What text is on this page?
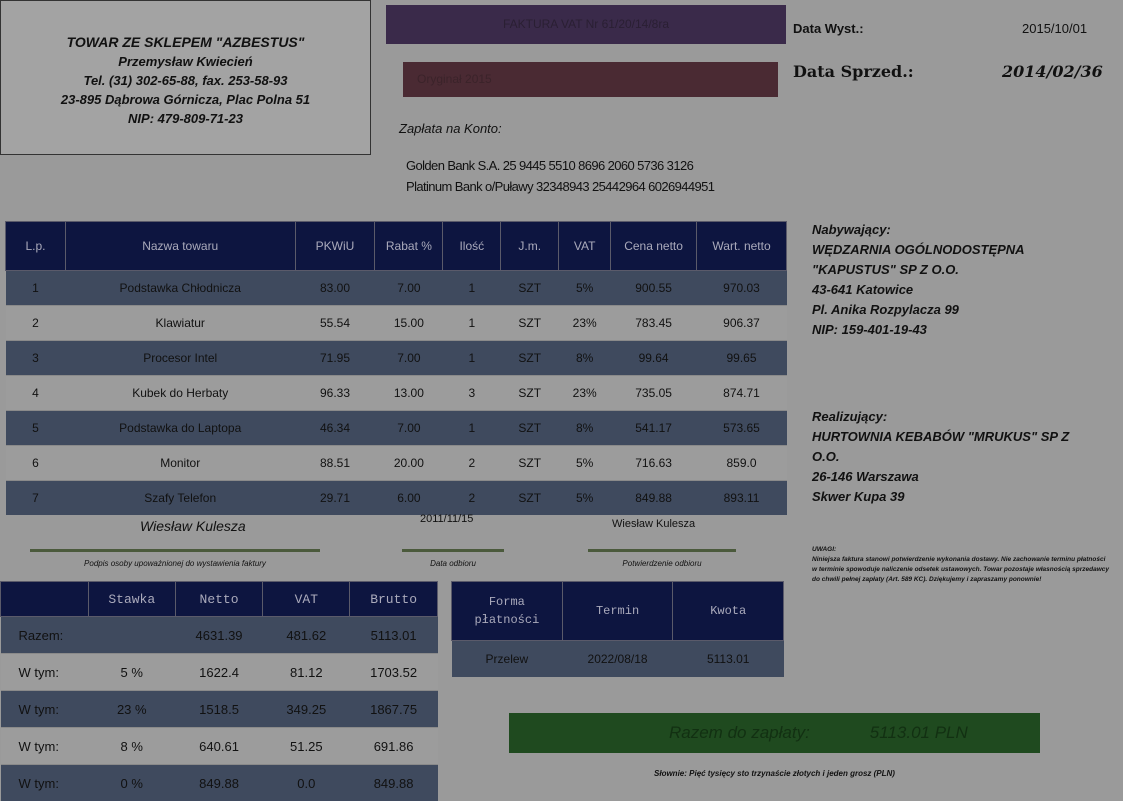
TOWAR ZE SKLEPEM "AZBESTUS"
Przemysław Kwiecień
Tel. (31) 302-65-88, fax. 253-58-93
23-895 Dąbrowa Górnicza, Plac Polna 51
NIP: 479-809-71-23
FAKTURA VAT Nr 61/20/14/8ra
Oryginał 2015
Data Wyst.:	2015/10/01
Data Sprzed.:	2014/02/36
Zapłata na Konto:
Golden Bank S.A. 25 9445 5510 8696 2060 5736 3126
Platinum Bank o/Puławy 32348943 25442964 6026944951
L.p.	Nazwa towaru	PKWiU	Rabat %	Ilość	J.m.	VAT	Cena netto	Wart. netto
1	Podstawka Chłodnicza	83.00	7.00	1	SZT	5%	900.55	970.03
2	Klawiatur	55.54	15.00	1	SZT	23%	783.45	906.37
3	Procesor Intel	71.95	7.00	1	SZT	8%	99.64	99.65
4	Kubek do Herbaty	96.33	13.00	3	SZT	23%	735.05	874.71
5	Podstawka do Laptopa	46.34	7.00	1	SZT	8%	541.17	573.65
6	Monitor	88.51	20.00	2	SZT	5%	716.63	859.0
7	Szafy Telefon	29.71	6.00	2	SZT	5%	849.88	893.11
Nabywający:
WĘDZARNIA OGÓLNODOSTĘPNA
"KAPUSTUS" SP Z O.O.
43-641 Katowice
Pl. Anika Rozpylacza 99
NIP: 159-401-19-43
Realizujący:
HURTOWNIA KEBABÓW "MRUKUS" SP Z
O.O.
26-146 Warszawa
Skwer Kupa 39
Wiesław Kulesza
Podpis osoby upoważnionej do wystawienia faktury
2011/11/15
Data odbioru
Wiesław Kulesza
Potwierdzenie odbioru
UWAGI:
Niniejsza faktura stanowi potwierdzenie wykonania dostawy. Nie zachowanie terminu płatności w terminie spowoduje naliczenie odsetek ustawowych. Towar pozostaje własnością sprzedawcy do chwili pełnej zapłaty (Art. 589 KC). Dziękujemy i zapraszamy ponownie!
	Stawka	Netto	VAT	Brutto
Razem:		4631.39	481.62	5113.01
W tym:	5 %	1622.4	81.12	1703.52
W tym:	23 %	1518.5	349.25	1867.75
W tym:	8 %	640.61	51.25	691.86
W tym:	0 %	849.88	0.0	849.88
Forma płatności	Termin	Kwota
Przelew	2022/08/18	5113.01
Razem do zapłaty:	5113.01 PLN
Słownie: Pięć tysięcy sto trzynaście złotych i jeden grosz (PLN)
